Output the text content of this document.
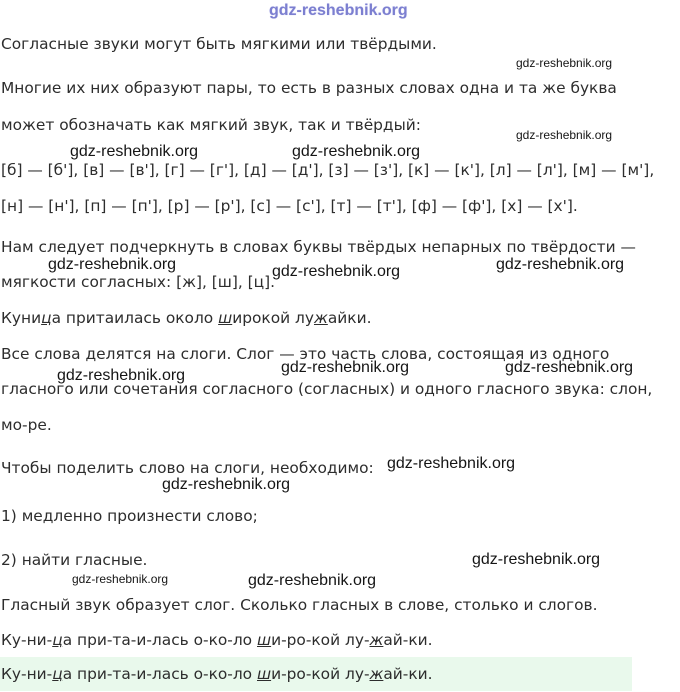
gdz-reshebnik.org
Согласные звуки могут быть мягкими или твёрдыми.
Многие их них образуют пары, то есть в разных словах одна и та же буква
может обозначать как мягкий звук, так и твёрдый:
[б] — [б'], [в] — [в'], [г] — [г'], [д] — [д'], [з] — [з'], [к] — [к'], [л] — [л'], [м] — [м'],
[н] — [н'], [п] — [п'], [р] — [р'], [с] — [с'], [т] — [т'], [ф] — [ф'], [х] — [х'].
Нам следует подчеркнуть в словах буквы твёрдых непарных по твёрдости —
мягкости согласных: [ж], [ш], [ц].
Куница притаилась около широкой лужайки.
Все слова делятся на слоги. Слог — это часть слова, состоящая из одного
гласного или сочетания согласного (согласных) и одного гласного звука: слон,
мо-ре.
Чтобы поделить слово на слоги, необходимо:
1) медленно произнести слово;
2) найти гласные.
Гласный звук образует слог. Сколько гласных в слове, столько и слогов.
Ку-ни-ца при-та-и-лась о-ко-ло ши-ро-кой лу-жай-ки.
Ку-ни-ца при-та-и-лась о-ко-ло ши-ро-кой лу-жай-ки.
gdz-reshebnik.org
gdz-reshebnik.org
gdz-reshebnik.org	gdz-reshebnik.org
gdz-reshebnik.org	gdz-reshebnik.org
gdz-reshebnik.org
gdz-reshebnik.org	gdz-reshebnik.org
gdz-reshebnik.org
gdz-reshebnik.org
gdz-reshebnik.org
gdz-reshebnik.org
gdz-reshebnik.org	gdz-reshebnik.org
